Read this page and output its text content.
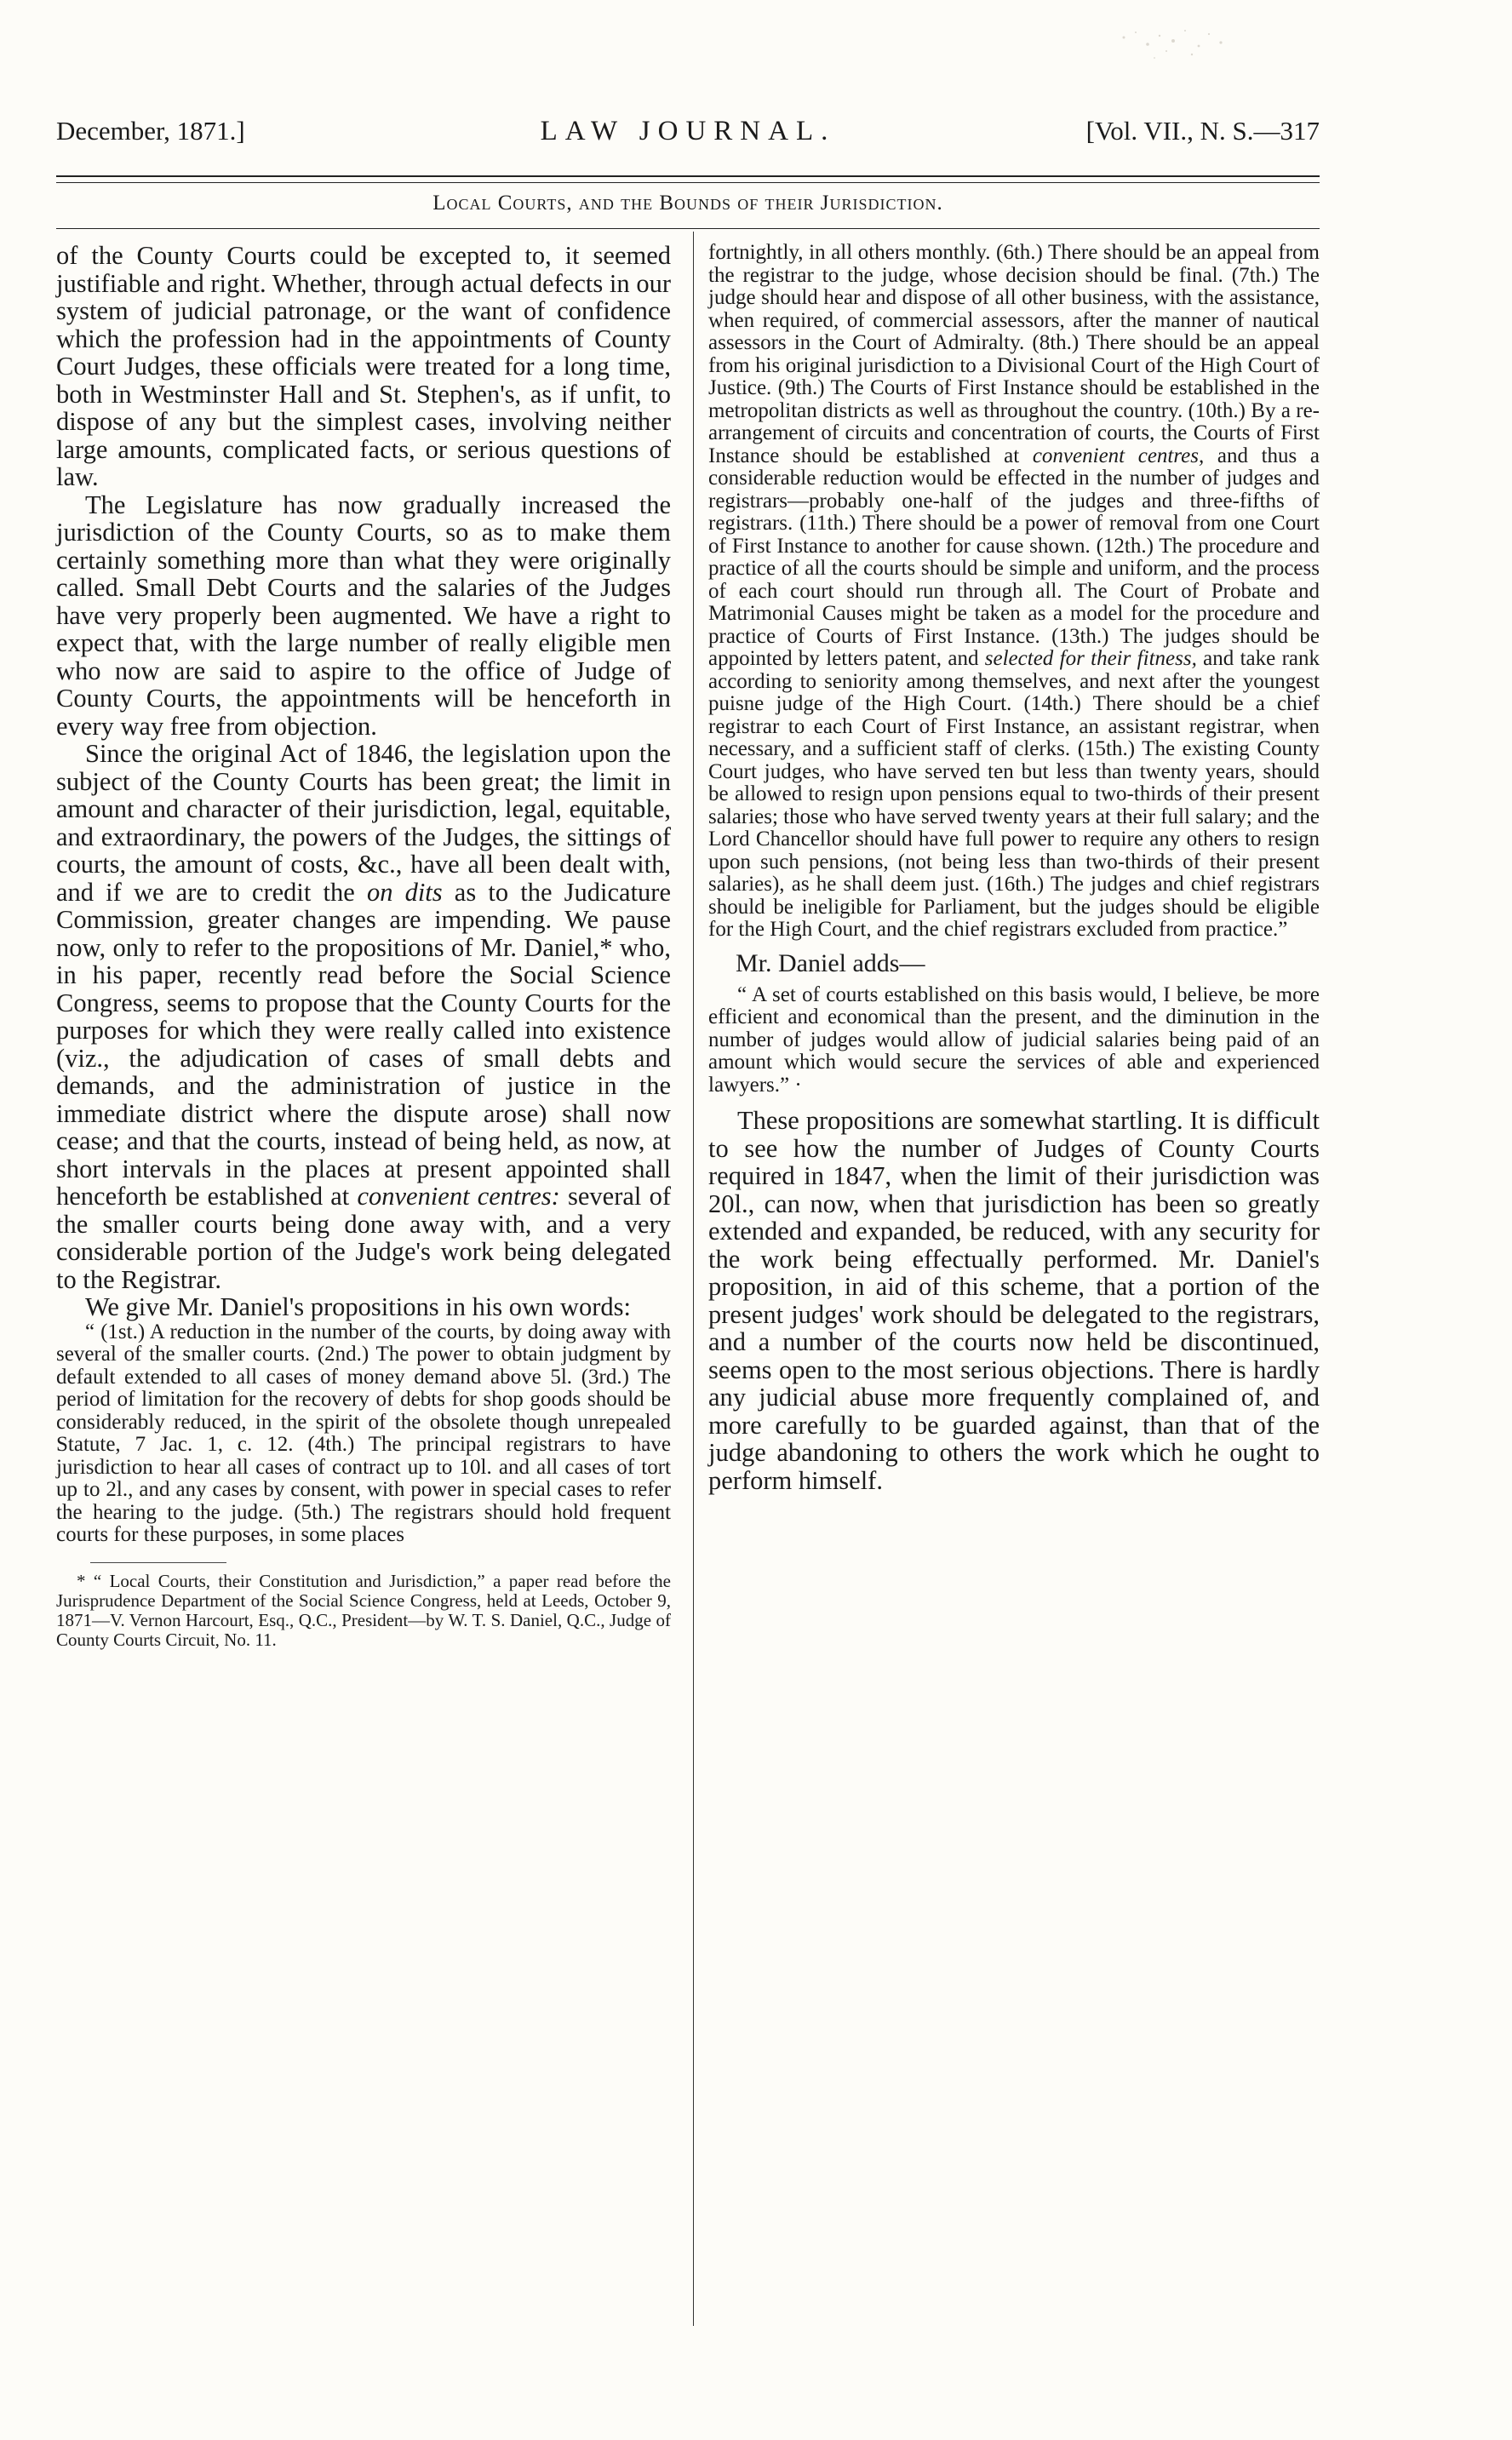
December, 1871.]	LAW JOURNAL.	[Vol. VII., N. S.—317
Local Courts, and the Bounds of their Jurisdiction.

of the County Courts could be excepted to, it seemed justifiable and right. Whether, through actual defects in our system of judicial patronage, or the want of confidence which the profession had in the appointments of County Court Judges, these officials were treated for a long time, both in Westminster Hall and St. Stephen's, as if unfit, to dispose of any but the simplest cases, involving neither large amounts, complicated facts, or serious questions of law.

The Legislature has now gradually increased the jurisdiction of the County Courts, so as to make them certainly something more than what they were originally called. Small Debt Courts and the salaries of the Judges have very properly been augmented. We have a right to expect that, with the large number of really eligible men who now are said to aspire to the office of Judge of County Courts, the appointments will be henceforth in every way free from objection.

Since the original Act of 1846, the legislation upon the subject of the County Courts has been great; the limit in amount and character of their jurisdiction, legal, equitable, and extraordinary, the powers of the Judges, the sittings of courts, the amount of costs, &c., have all been dealt with, and if we are to credit the on dits as to the Judicature Commission, greater changes are impending. We pause now, only to refer to the propositions of Mr. Daniel,* who, in his paper, recently read before the Social Science Congress, seems to propose that the County Courts for the purposes for which they were really called into existence (viz., the adjudication of cases of small debts and demands, and the administration of justice in the immediate district where the dispute arose) shall now cease; and that the courts, instead of being held, as now, at short intervals in the places at present appointed shall henceforth be established at convenient centres: several of the smaller courts being done away with, and a very considerable portion of the Judge's work being delegated to the Registrar.

We give Mr. Daniel's propositions in his own words:

“ (1st.) A reduction in the number of the courts, by doing away with several of the smaller courts. (2nd.) The power to obtain judgment by default extended to all cases of money demand above 5l. (3rd.) The period of limitation for the recovery of debts for shop goods should be considerably reduced, in the spirit of the obsolete though unrepealed Statute, 7 Jac. 1, c. 12. (4th.) The principal registrars to have jurisdiction to hear all cases of contract up to 10l. and all cases of tort up to 2l., and any cases by consent, with power in special cases to refer the hearing to the judge. (5th.) The registrars should hold frequent courts for these purposes, in some places

* “ Local Courts, their Constitution and Jurisdiction,” a paper read before the Jurisprudence Department of the Social Science Congress, held at Leeds, October 9, 1871—V. Vernon Harcourt, Esq., Q.C., President—by W. T. S. Daniel, Q.C., Judge of County Courts Circuit, No. 11.

fortnightly, in all others monthly. (6th.) There should be an appeal from the registrar to the judge, whose decision should be final. (7th.) The judge should hear and dispose of all other business, with the assistance, when required, of commercial assessors, after the manner of nautical assessors in the Court of Admiralty. (8th.) There should be an appeal from his original jurisdiction to a Divisional Court of the High Court of Justice. (9th.) The Courts of First Instance should be established in the metropolitan districts as well as throughout the country. (10th.) By a re-arrangement of circuits and concentration of courts, the Courts of First Instance should be established at convenient centres, and thus a considerable reduction would be effected in the number of judges and registrars—probably one-half of the judges and three-fifths of registrars. (11th.) There should be a power of removal from one Court of First Instance to another for cause shown. (12th.) The procedure and practice of all the courts should be simple and uniform, and the process of each court should run through all. The Court of Probate and Matrimonial Causes might be taken as a model for the procedure and practice of Courts of First Instance. (13th.) The judges should be appointed by letters patent, and selected for their fitness, and take rank according to seniority among themselves, and next after the youngest puisne judge of the High Court. (14th.) There should be a chief registrar to each Court of First Instance, an assistant registrar, when necessary, and a sufficient staff of clerks. (15th.) The existing County Court judges, who have served ten but less than twenty years, should be allowed to resign upon pensions equal to two-thirds of their present salaries; those who have served twenty years at their full salary; and the Lord Chancellor should have full power to require any others to resign upon such pensions, (not being less than two-thirds of their present salaries), as he shall deem just. (16th.) The judges and chief registrars should be ineligible for Parliament, but the judges should be eligible for the High Court, and the chief registrars excluded from practice.”

Mr. Daniel adds—

“ A set of courts established on this basis would, I believe, be more efficient and economical than the present, and the diminution in the number of judges would allow of judicial salaries being paid of an amount which would secure the services of able and experienced lawyers.” ·

These propositions are somewhat startling. It is difficult to see how the number of Judges of County Courts required in 1847, when the limit of their jurisdiction was 20l., can now, when that jurisdiction has been so greatly extended and expanded, be reduced, with any security for the work being effectually performed. Mr. Daniel's proposition, in aid of this scheme, that a portion of the present judges' work should be delegated to the registrars, and a number of the courts now held be discontinued, seems open to the most serious objections. There is hardly any judicial abuse more frequently complained of, and more carefully to be guarded against, than that of the judge abandoning to others the work which he ought to perform himself.
